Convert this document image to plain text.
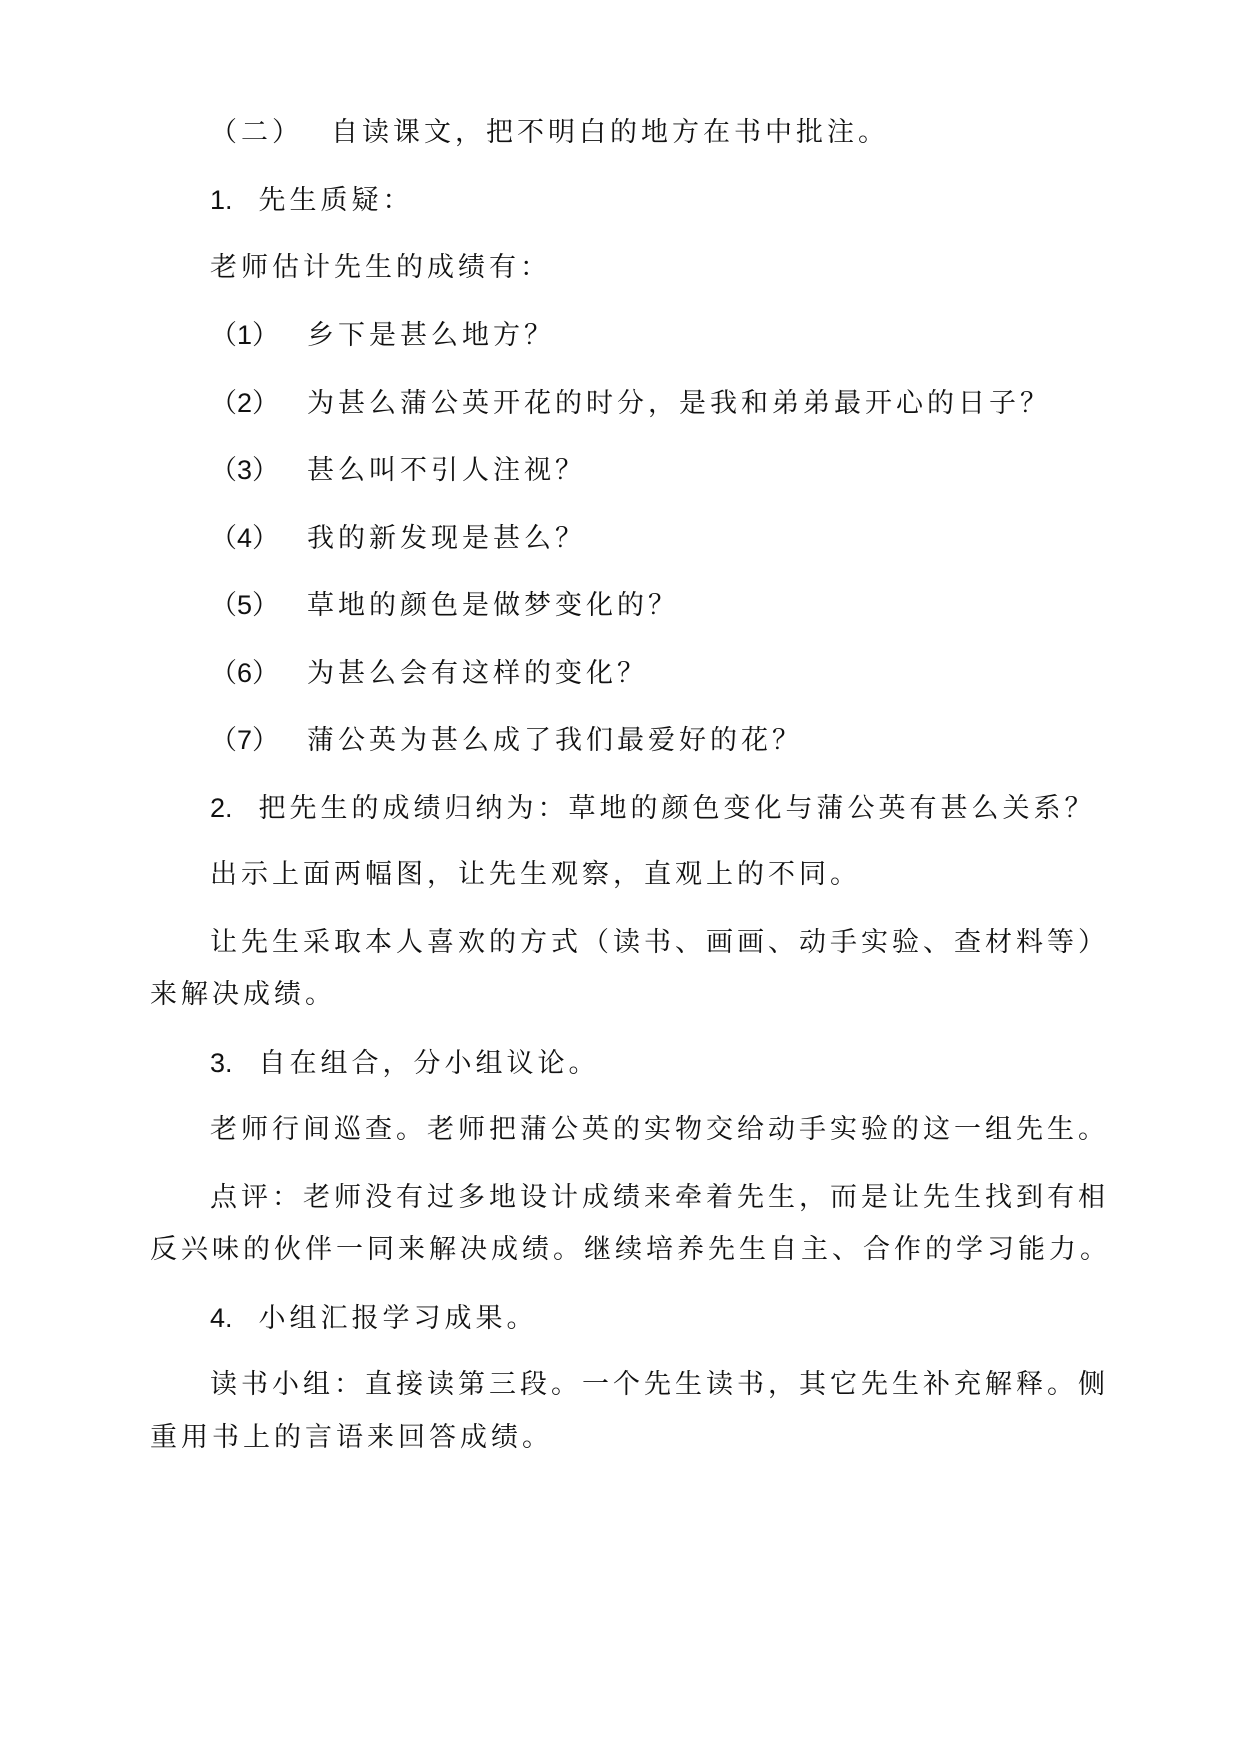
（二） 自读课文，把不明白的地方在书中批注。
1. 先生质疑：
老师估计先生的成绩有：
（1） 乡下是甚么地方？
（2） 为甚么蒲公英开花的时分，是我和弟弟最开心的日子？
（3） 甚么叫不引人注视？
（4） 我的新发现是甚么？
（5） 草地的颜色是做梦变化的？
（6） 为甚么会有这样的变化？
（7） 蒲公英为甚么成了我们最爱好的花？
2. 把先生的成绩归纳为：草地的颜色变化与蒲公英有甚么关系？
出示上面两幅图，让先生观察，直观上的不同。
让先生采取本人喜欢的方式（读书、画画、动手实验、查材料等）
来解决成绩。
3. 自在组合，分小组议论。
老师行间巡查。老师把蒲公英的实物交给动手实验的这一组先生。
点评：老师没有过多地设计成绩来牵着先生，而是让先生找到有相
反兴味的伙伴一同来解决成绩。继续培养先生自主、合作的学习能力。
4. 小组汇报学习成果。
读书小组：直接读第三段。一个先生读书，其它先生补充解释。侧
重用书上的言语来回答成绩。
